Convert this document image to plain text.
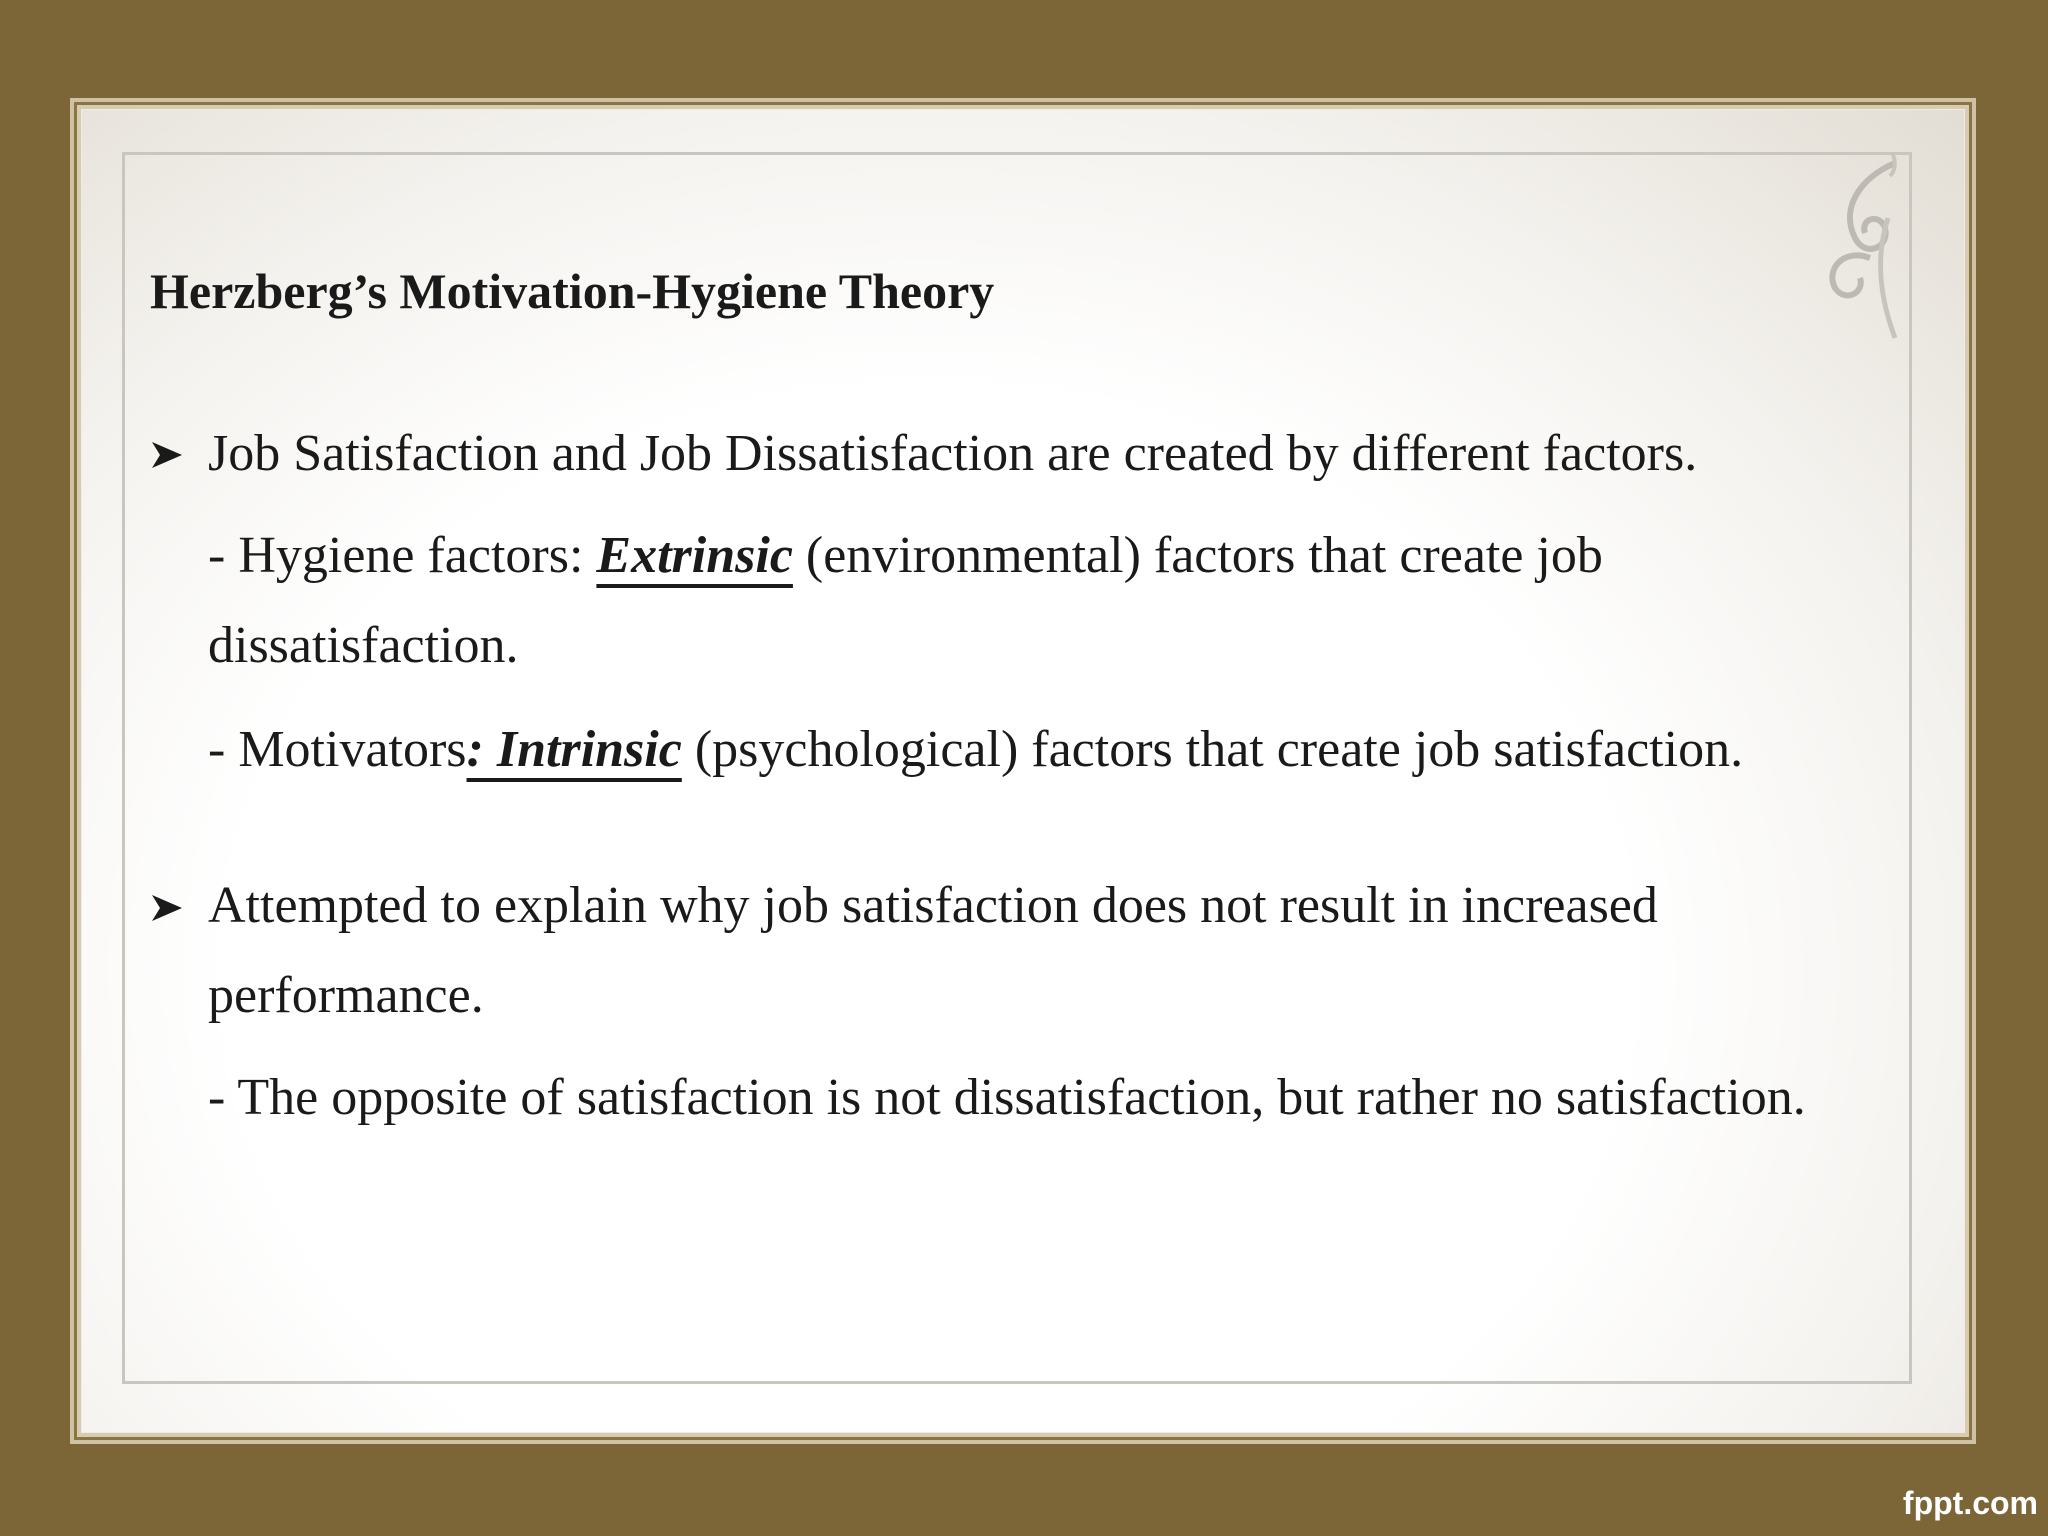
Herzberg’s Motivation-Hygiene Theory
Job Satisfaction and Job Dissatisfaction are created by different factors.
- Hygiene factors: Extrinsic (environmental) factors that create job
dissatisfaction.
- Motivators: Intrinsic (psychological) factors that create job satisfaction.
Attempted to explain why job satisfaction does not result in increased
performance.
- The opposite of satisfaction is not dissatisfaction, but rather no satisfaction.
fppt.com
